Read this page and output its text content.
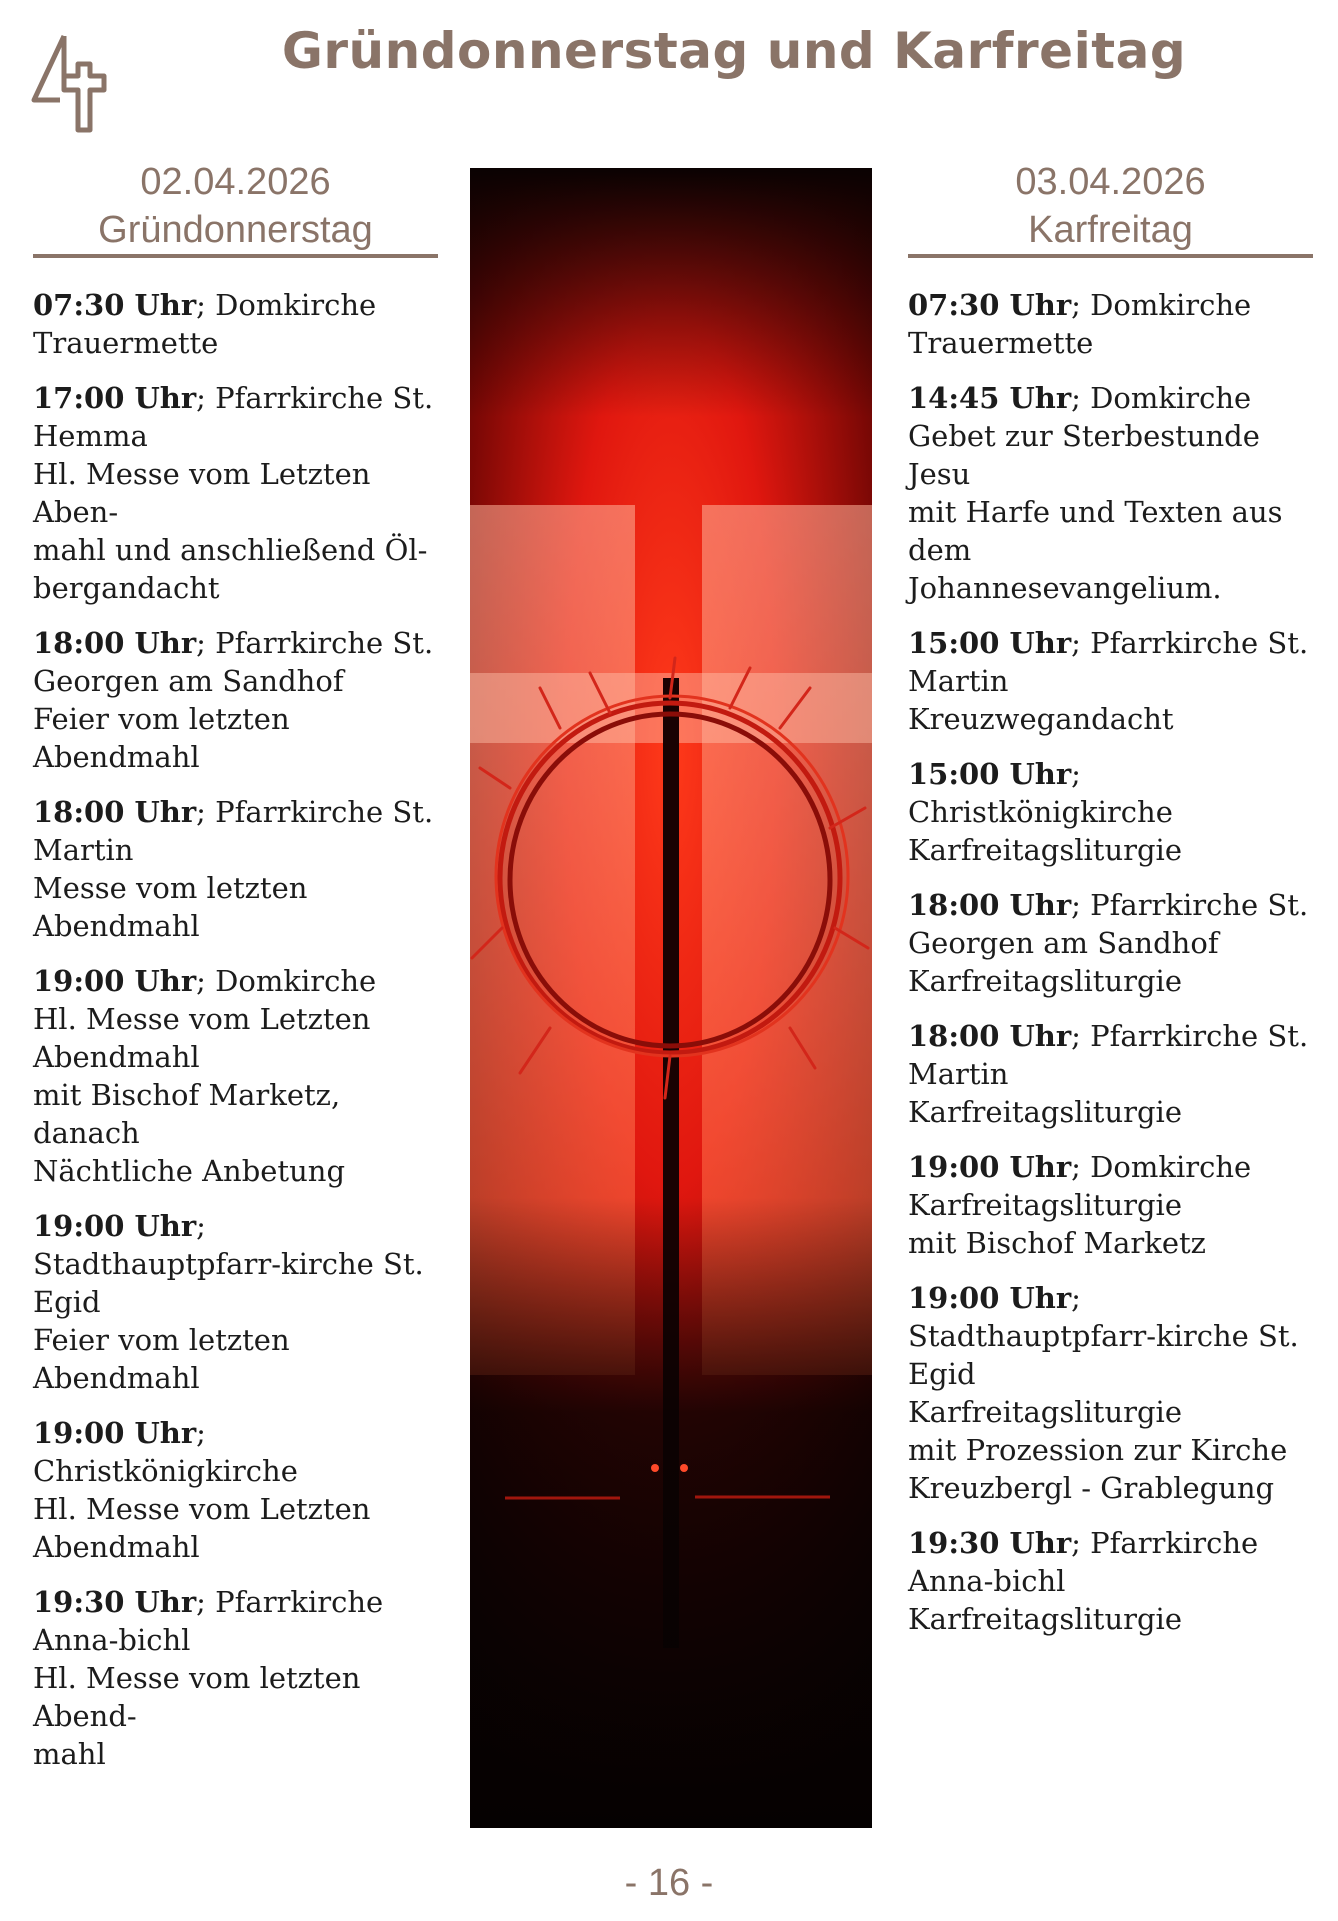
Gründonnerstag und Karfreitag
02.04.2026
Gründonnerstag
07:30 Uhr; Domkirche
Trauermette
17:00 Uhr; Pfarrkirche St. Hemma
Hl. Messe vom Letzten Aben-
mahl und anschließend Öl-
bergandacht
18:00 Uhr; Pfarrkirche St. Georgen am Sandhof
Feier vom letzten
Abendmahl
18:00 Uhr; Pfarrkirche St. Martin
Messe vom letzten
Abendmahl
19:00 Uhr; Domkirche
Hl. Messe vom Letzten
Abendmahl
mit Bischof Marketz, danach
Nächtliche Anbetung
19:00 Uhr; Stadthauptpfarr-kirche St. Egid
Feier vom letzten
Abendmahl
19:00 Uhr; Christkönigkirche
Hl. Messe vom Letzten
Abendmahl
19:30 Uhr; Pfarrkirche Anna-bichl
Hl. Messe vom letzten Abend-
mahl
03.04.2026
Karfreitag
07:30 Uhr; Domkirche
Trauermette
14:45 Uhr; Domkirche
Gebet zur Sterbestunde Jesu
mit Harfe und Texten aus dem
Johannesevangelium.
15:00 Uhr; Pfarrkirche St. Martin
Kreuzwegandacht
15:00 Uhr; Christkönigkirche
Karfreitagsliturgie
18:00 Uhr; Pfarrkirche St. Georgen am Sandhof
Karfreitagsliturgie
18:00 Uhr; Pfarrkirche St. Martin
Karfreitagsliturgie
19:00 Uhr; Domkirche
Karfreitagsliturgie
mit Bischof Marketz
19:00 Uhr; Stadthauptpfarr-kirche St. Egid
Karfreitagsliturgie
mit Prozession zur Kirche
Kreuzbergl - Grablegung
19:30 Uhr; Pfarrkirche Anna-bichl
Karfreitagsliturgie
- 16 -
